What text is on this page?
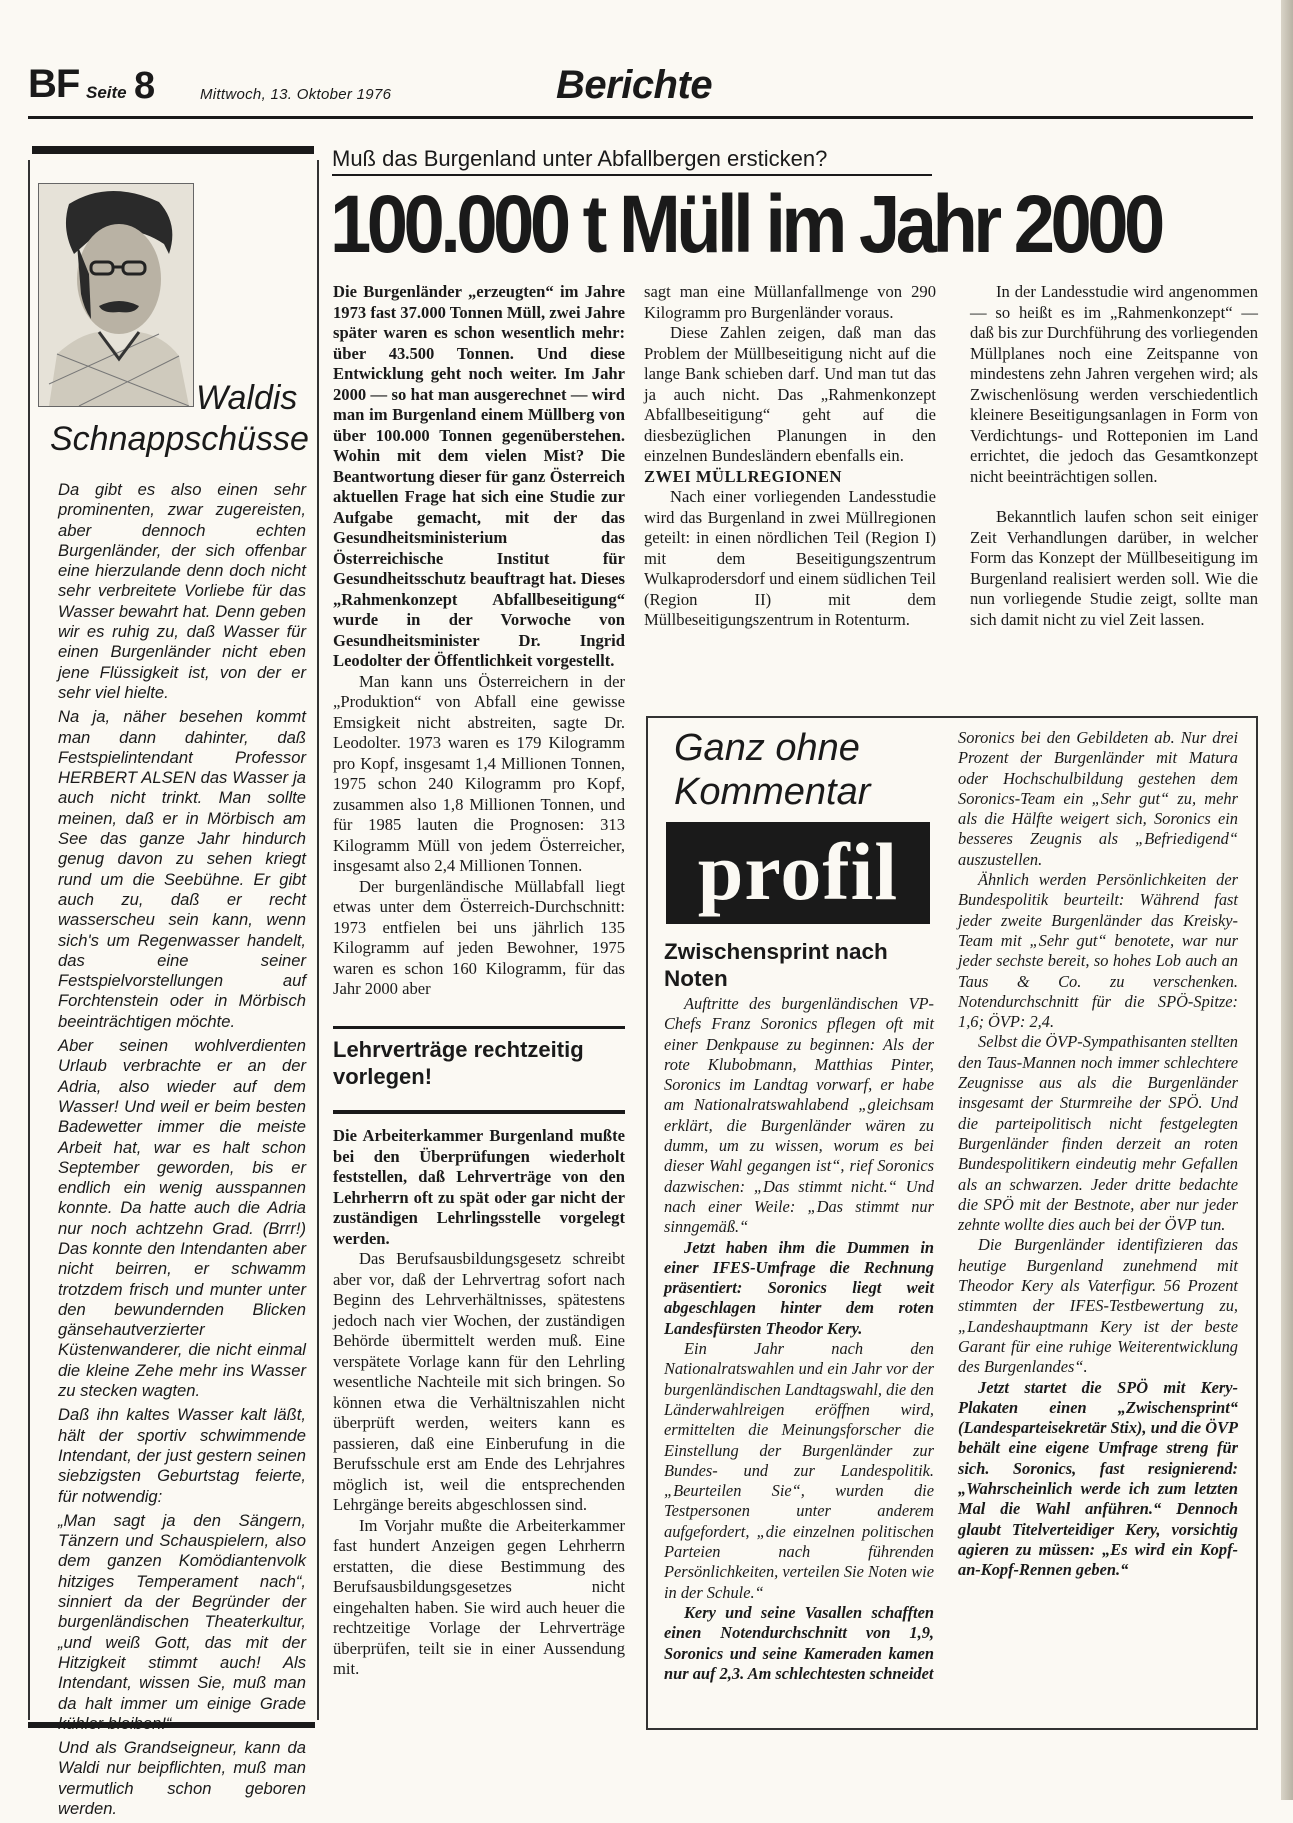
BF Seite 8	Mittwoch, 13. Oktober 1976	Berichte
Waldis
Schnappschüsse

Da gibt es also einen sehr prominenten, zwar zugereisten, aber dennoch echten Burgenländer, der sich offenbar eine hierzulande denn doch nicht sehr verbreitete Vorliebe für das Wasser bewahrt hat. Denn geben wir es ruhig zu, daß Wasser für einen Burgenländer nicht eben jene Flüssigkeit ist, von der er sehr viel hielte.

Na ja, näher besehen kommt man dann dahinter, daß Festspielintendant Professor HERBERT ALSEN das Wasser ja auch nicht trinkt. Man sollte meinen, daß er in Mörbisch am See das ganze Jahr hindurch genug davon zu sehen kriegt rund um die Seebühne. Er gibt auch zu, daß er recht wasserscheu sein kann, wenn sich's um Regenwasser handelt, das eine seiner Festspielvorstellungen auf Forchtenstein oder in Mörbisch beeinträchtigen möchte.

Aber seinen wohlverdienten Urlaub verbrachte er an der Adria, also wieder auf dem Wasser! Und weil er beim besten Badewetter immer die meiste Arbeit hat, war es halt schon September geworden, bis er endlich ein wenig ausspannen konnte. Da hatte auch die Adria nur noch achtzehn Grad. (Brrr!) Das konnte den Intendanten aber nicht beirren, er schwamm trotzdem frisch und munter unter den bewundernden Blicken gänsehautverzierter Küstenwanderer, die nicht einmal die kleine Zehe mehr ins Wasser zu stecken wagten.

Daß ihn kaltes Wasser kalt läßt, hält der sportiv schwimmende Intendant, der just gestern seinen siebzigsten Geburtstag feierte, für notwendig:

„Man sagt ja den Sängern, Tänzern und Schauspielern, also dem ganzen Komödiantenvolk hitziges Temperament nach“, sinniert da der Begründer der burgenländischen Theaterkultur, „und weiß Gott, das mit der Hitzigkeit stimmt auch! Als Intendant, wissen Sie, muß man da halt immer um einige Grade

Und als Grandseigneur, kann da Waldi nur beipflichten, muß man vermutlich schon geboren werden.

Muß das Burgenland unter Abfallbergen ersticken?
100.000 t Müll im Jahr 2000

Die Burgenländer „erzeugten“ im Jahre 1973 fast 37.000 Tonnen Müll, zwei Jahre später waren es schon wesentlich mehr: über 43.500 Tonnen. Und diese Entwicklung geht noch weiter. Im Jahr 2000 — so hat man ausgerechnet — wird man im Burgenland einem Müllberg von über 100.000 Tonnen gegenüberstehen. Wohin mit dem vielen Mist? Die Beantwortung dieser für ganz Österreich aktuellen Frage hat sich eine Studie zur Aufgabe gemacht, mit der das Gesundheitsministerium das Österreichische Institut für Gesundheitsschutz beauftragt hat. Dieses „Rahmenkonzept Abfallbeseitigung“ wurde in der Vorwoche von Gesundheitsminister Dr. Ingrid Leodolter der Öffentlichkeit vorgestellt.

Man kann uns Österreichern in der „Produktion“ von Abfall eine gewisse Emsigkeit nicht abstreiten, sagte Dr. Leodolter. 1973 waren es 179 Kilogramm pro Kopf, insgesamt 1,4 Millionen Tonnen, 1975 schon 240 Kilogramm pro Kopf, zusammen also 1,8 Millionen Tonnen, und für 1985 lauten die Prognosen: 313 Kilogramm Müll von jedem Österreicher, insgesamt also 2,4 Millionen Tonnen.

Der burgenländische Müllabfall liegt etwas unter dem Österreich-Durchschnitt: 1973 entfielen bei uns jährlich 135 Kilogramm auf jeden Bewohner, 1975 waren es schon 160 Kilogramm, für das Jahr 2000 aber

sagt man eine Müllanfallmenge von 290 Kilogramm pro Burgenländer voraus.

Diese Zahlen zeigen, daß man das Problem der Müllbeseitigung nicht auf die lange Bank schieben darf. Und man tut das ja auch nicht. Das „Rahmenkonzept Abfallbeseitigung“ geht auf die diesbezüglichen Planungen in den einzelnen Bundesländern ebenfalls ein.

ZWEI MÜLLREGIONEN

Nach einer vorliegenden Landesstudie wird das Burgenland in zwei Müllregionen geteilt: in einen nördlichen Teil (Region I) mit dem Beseitigungszentrum Wulkaprodersdorf und einem südlichen Teil (Region II) mit dem Müllbeseitigungszentrum in Rotenturm.

In der Landesstudie wird angenommen — so heißt es im „Rahmenkonzept“ — daß bis zur Durchführung des vorliegenden Müllplanes noch eine Zeitspanne von mindestens zehn Jahren vergehen wird; als Zwischenlösung werden verschiedentlich kleinere Beseitigungsanlagen in Form von Verdichtungs- und Rotteponien im Land errichtet, die jedoch das Gesamtkonzept nicht beeinträchtigen sollen.

Bekanntlich laufen schon seit einiger Zeit Verhandlungen darüber, in welcher Form das Konzept der Müllbeseitigung im Burgenland realisiert werden soll. Wie die nun vorliegende Studie zeigt, sollte man sich damit nicht zu viel Zeit lassen.

Lehrverträge rechtzeitig vorlegen!

Die Arbeiterkammer Burgenland mußte bei den Überprüfungen wiederholt feststellen, daß Lehrverträge von den Lehrherrn oft zu spät oder gar nicht der zuständigen Lehrlingsstelle vorgelegt werden.

Das Berufsausbildungsgesetz schreibt aber vor, daß der Lehrvertrag sofort nach Beginn des Lehrverhältnisses, spätestens jedoch nach vier Wochen, der zuständigen Behörde übermittelt werden muß. Eine verspätete Vorlage kann für den Lehrling wesentliche Nachteile mit sich bringen. So können etwa die Verhältniszahlen nicht überprüft werden, weiters kann es passieren, daß eine Einberufung in die Berufsschule erst am Ende des Lehrjahres möglich ist, weil die entsprechenden Lehrgänge bereits abgeschlossen sind.

Im Vorjahr mußte die Arbeiterkammer fast hundert Anzeigen gegen Lehrherrn erstatten, die diese Bestimmung des Berufsausbildungsgesetzes nicht eingehalten haben. Sie wird auch heuer die rechtzeitige Vorlage der Lehrverträge überprüfen, teilt sie in einer Aussendung mit.

Ganz ohne Kommentar
profil
Zwischensprint nach Noten

Auftritte des burgenländischen VP-Chefs Franz Soronics pflegen oft mit einer Denkpause zu beginnen: Als der rote Klubobmann, Matthias Pinter, Soronics im Landtag vorwarf, er habe am Nationalratswahlabend „gleichsam erklärt, die Burgenländer wären zu dumm, um zu wissen, worum es bei dieser Wahl gegangen ist“, rief Soronics dazwischen: „Das stimmt nicht.“ Und nach einer Weile: „Das stimmt nur sinngemäß.“

Jetzt haben ihm die Dummen in einer IFES-Umfrage die Rechnung präsentiert: Soronics liegt weit abgeschlagen hinter dem roten Landesfürsten Theodor Kery.

Ein Jahr nach den Nationalratswahlen und ein Jahr vor der burgenländischen Landtagswahl, die den Länderwahlreigen eröffnen wird, ermittelten die Meinungsforscher die Einstellung der Burgenländer zur Bundes- und zur Landespolitik. „Beurteilen Sie“, wurden die Testpersonen unter anderem aufgefordert, „die einzelnen politischen Parteien nach führenden Persönlichkeiten, verteilen Sie Noten wie in der Schule.“

Kery und seine Vasallen schafften einen Notendurchschnitt von 1,9, Soronics und seine Kameraden kamen nur auf 2,3. Am schlechtesten schneidet

Soronics bei den Gebildeten ab. Nur drei Prozent der Burgenländer mit Matura oder Hochschulbildung gestehen dem Soronics-Team ein „Sehr gut“ zu, mehr als die Hälfte weigert sich, Soronics ein besseres Zeugnis als „Befriedigend“ auszustellen.

Ähnlich werden Persönlichkeiten der Bundespolitik beurteilt: Während fast jeder zweite Burgenländer das Kreisky-Team mit „Sehr gut“ benotete, war nur jeder sechste bereit, so hohes Lob auch an Taus & Co. zu verschenken. Notendurchschnitt für die SPÖ-Spitze: 1,6; ÖVP: 2,4.

Selbst die ÖVP-Sympathisanten stellten den Taus-Mannen noch immer schlechtere Zeugnisse aus als die Burgenländer insgesamt der Sturmreihe der SPÖ. Und die parteipolitisch nicht festgelegten Burgenländer finden derzeit an roten Bundespolitikern eindeutig mehr Gefallen als an schwarzen. Jeder dritte bedachte die SPÖ mit der Bestnote, aber nur jeder zehnte wollte dies auch bei der ÖVP tun.

Die Burgenländer identifizieren das heutige Burgenland zunehmend mit Theodor Kery als Vaterfigur. 56 Prozent stimmten der IFES-Testbewertung zu, „Landeshauptmann Kery ist der beste Garant für eine ruhige Weiterentwicklung des Burgenlandes“.

Jetzt startet die SPÖ mit Kery-Plakaten einen „Zwischensprint“ (Landesparteisekretär Stix), und die ÖVP behält eine eigene Umfrage streng für sich. Soronics, fast resignierend: „Wahrscheinlich werde ich zum letzten Mal die Wahl anführen.“ Dennoch glaubt Titelverteidiger Kery, vorsichtig agieren zu müssen: „Es wird ein Kopf-an-Kopf-Rennen geben.“
